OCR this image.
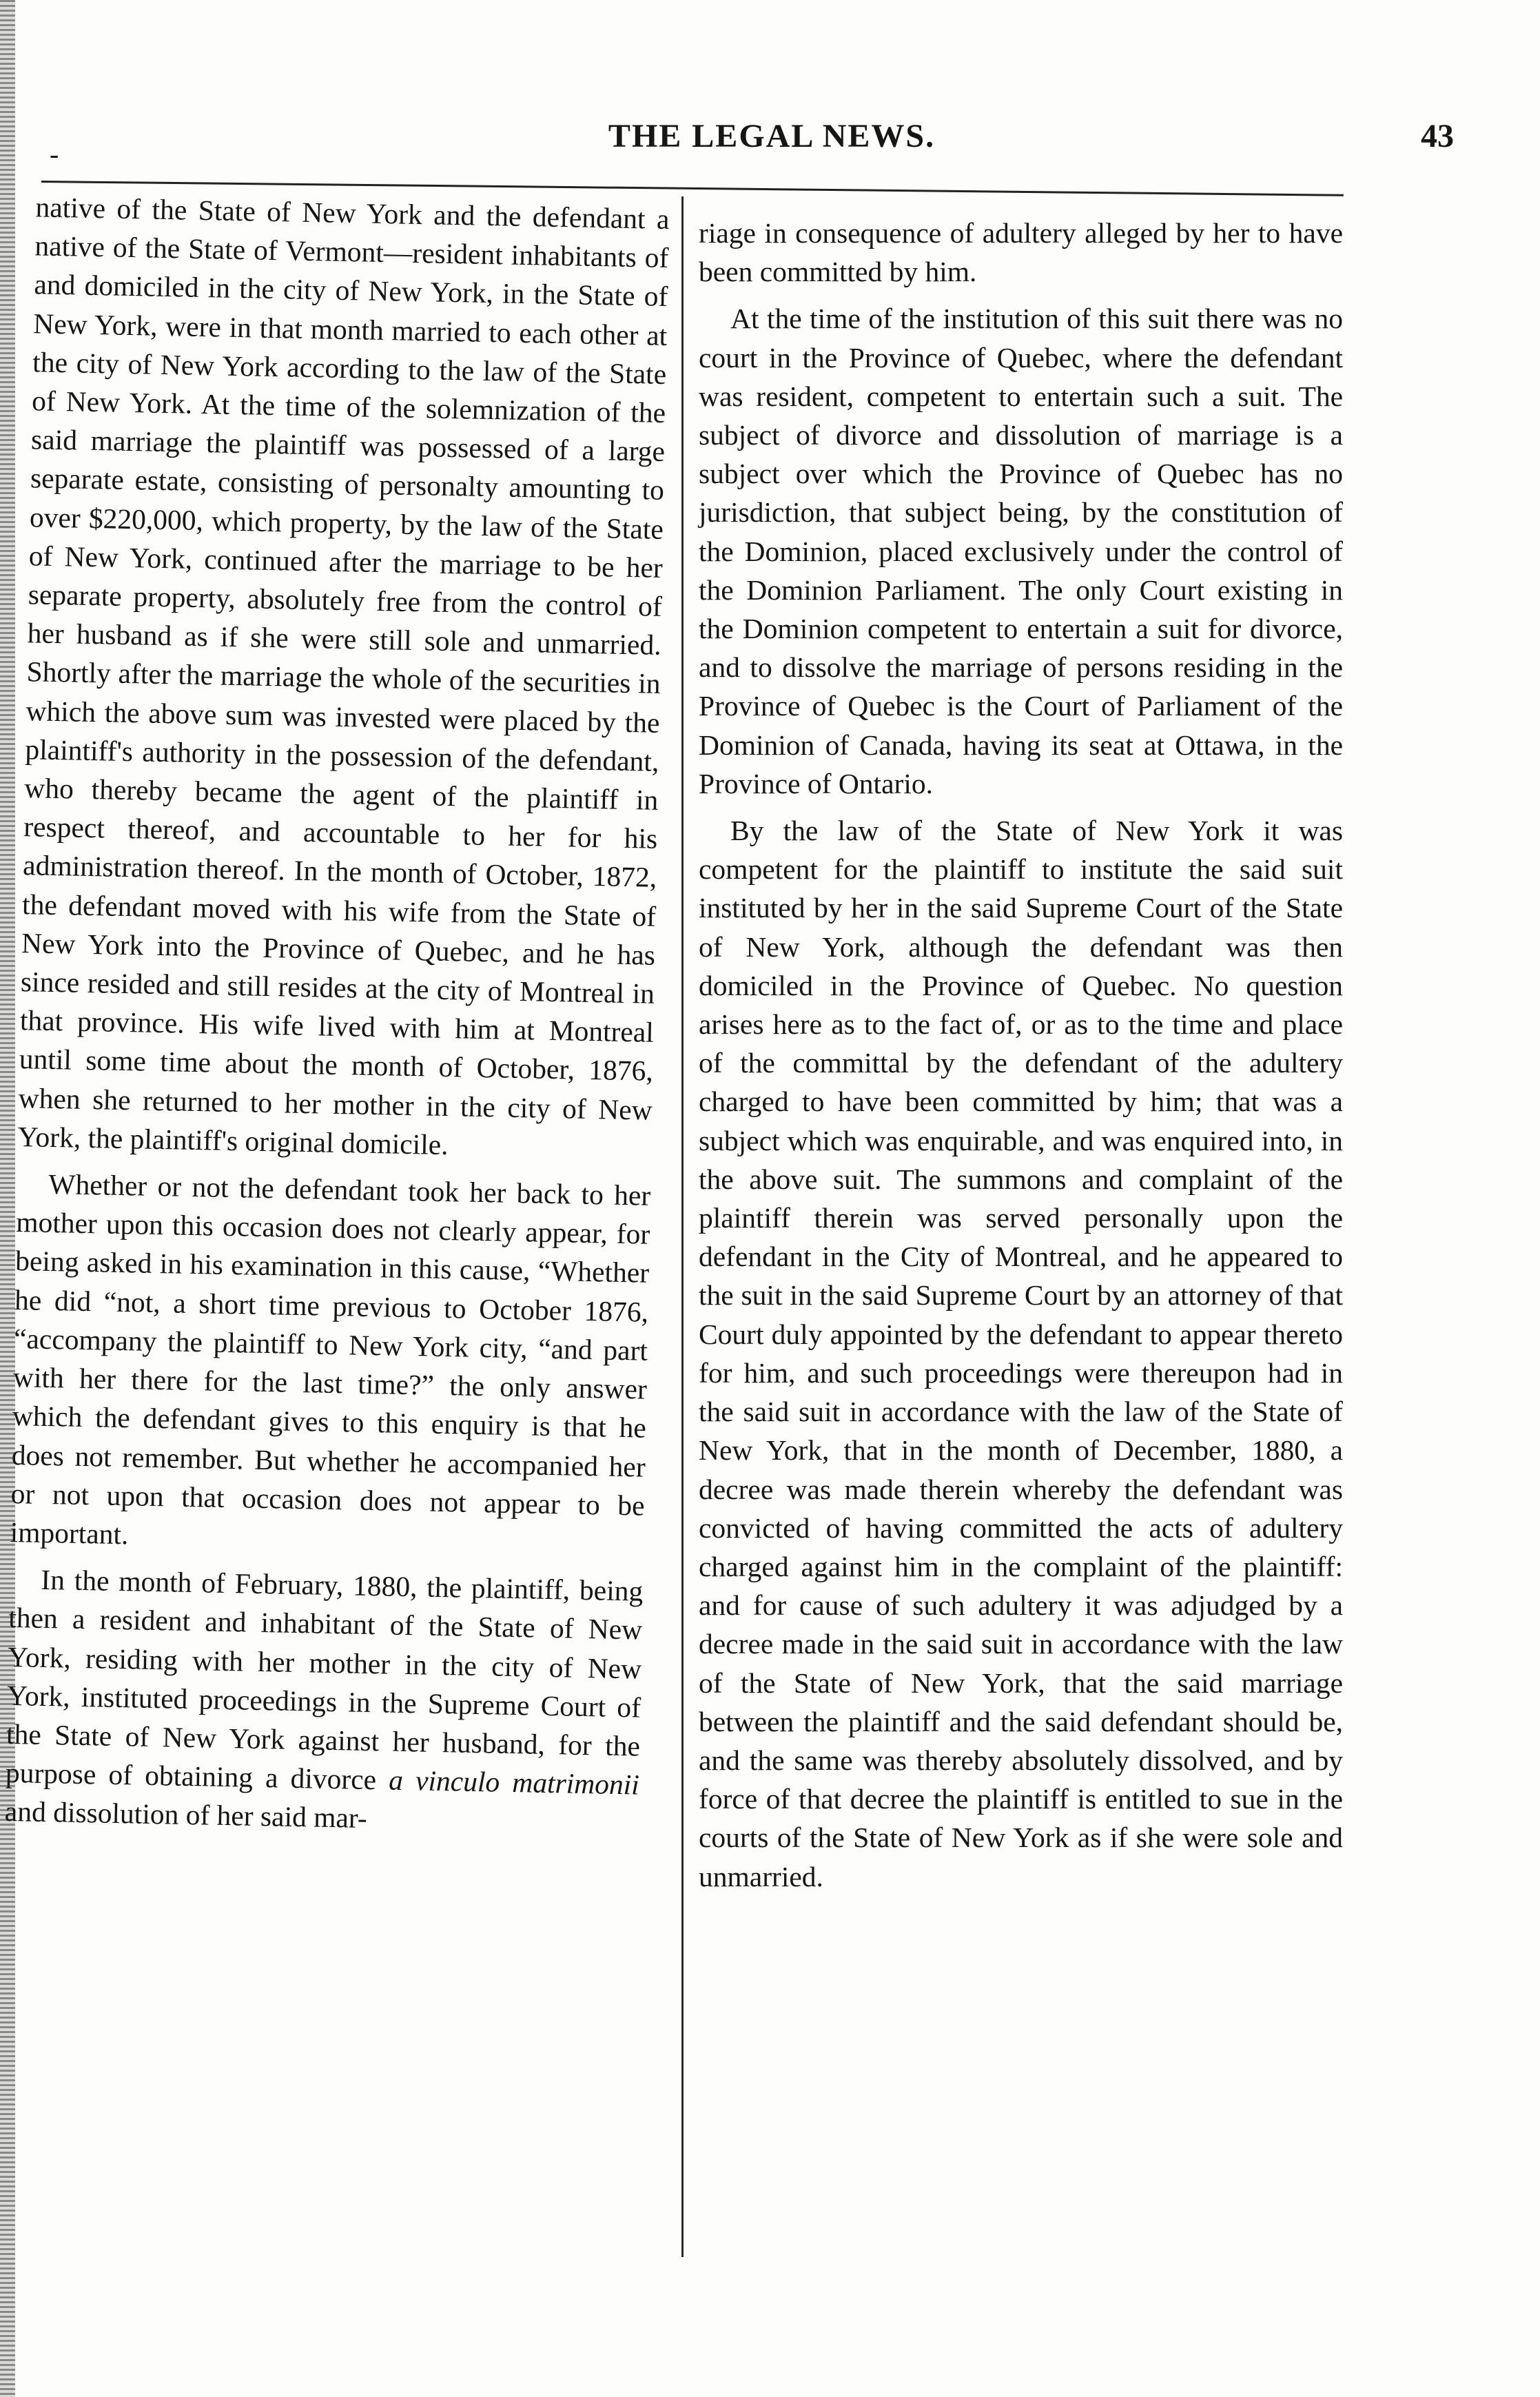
-	THE LEGAL NEWS.	43

native of the State of New York and the defendant a native of the State of Vermont—resident inhabitants of and domiciled in the city of New York, in the State of New York, were in that month married to each other at the city of New York according to the law of the State of New York. At the time of the solemnization of the said marriage the plaintiff was possessed of a large separate estate, consisting of personalty amounting to over $220,000, which property, by the law of the State of New York, continued after the marriage to be her separate property, absolutely free from the control of her husband as if she were still sole and unmarried. Shortly after the marriage the whole of the securities in which the above sum was invested were placed by the plaintiff's authority in the possession of the defendant, who thereby became the agent of the plaintiff in respect thereof, and accountable to her for his administration thereof. In the month of October, 1872, the defendant moved with his wife from the State of New York into the Province of Quebec, and he has since resided and still resides at the city of Montreal in that province. His wife lived with him at Montreal until some time about the month of October, 1876, when she returned to her mother in the city of New York, the plaintiff's original domicile.

Whether or not the defendant took her back to her mother upon this occasion does not clearly appear, for being asked in his examination in this cause, “Whether he did “not, a short time previous to October 1876, “accompany the plaintiff to New York city, “and part with her there for the last time?” the only answer which the defendant gives to this enquiry is that he does not remember. But whether he accompanied her or not upon that occasion does not appear to be important.

In the month of February, 1880, the plaintiff, being then a resident and inhabitant of the State of New York, residing with her mother in the city of New York, instituted proceedings in the Supreme Court of the State of New York against her husband, for the purpose of obtaining a divorce a vinculo matrimonii and dissolution of her said mar-

riage in consequence of adultery alleged by her to have been committed by him.

At the time of the institution of this suit there was no court in the Province of Quebec, where the defendant was resident, competent to entertain such a suit. The subject of divorce and dissolution of marriage is a subject over which the Province of Quebec has no jurisdiction, that subject being, by the constitution of the Dominion, placed exclusively under the control of the Dominion Parliament. The only Court existing in the Dominion competent to entertain a suit for divorce, and to dissolve the marriage of persons residing in the Province of Quebec is the Court of Parliament of the Dominion of Canada, having its seat at Ottawa, in the Province of Ontario.

By the law of the State of New York it was competent for the plaintiff to institute the said suit instituted by her in the said Supreme Court of the State of New York, although the defendant was then domiciled in the Province of Quebec. No question arises here as to the fact of, or as to the time and place of the committal by the defendant of the adultery charged to have been committed by him; that was a subject which was enquirable, and was enquired into, in the above suit. The summons and complaint of the plaintiff therein was served personally upon the defendant in the City of Montreal, and he appeared to the suit in the said Supreme Court by an attorney of that Court duly appointed by the defendant to appear thereto for him, and such proceedings were thereupon had in the said suit in accordance with the law of the State of New York, that in the month of December, 1880, a decree was made therein whereby the defendant was convicted of having committed the acts of adultery charged against him in the complaint of the plaintiff: and for cause of such adultery it was adjudged by a decree made in the said suit in accordance with the law of the State of New York, that the said marriage between the plaintiff and the said defendant should be, and the same was thereby absolutely dissolved, and by force of that decree the plaintiff is entitled to sue in the courts of the State of New York as if she were sole and unmarried.
